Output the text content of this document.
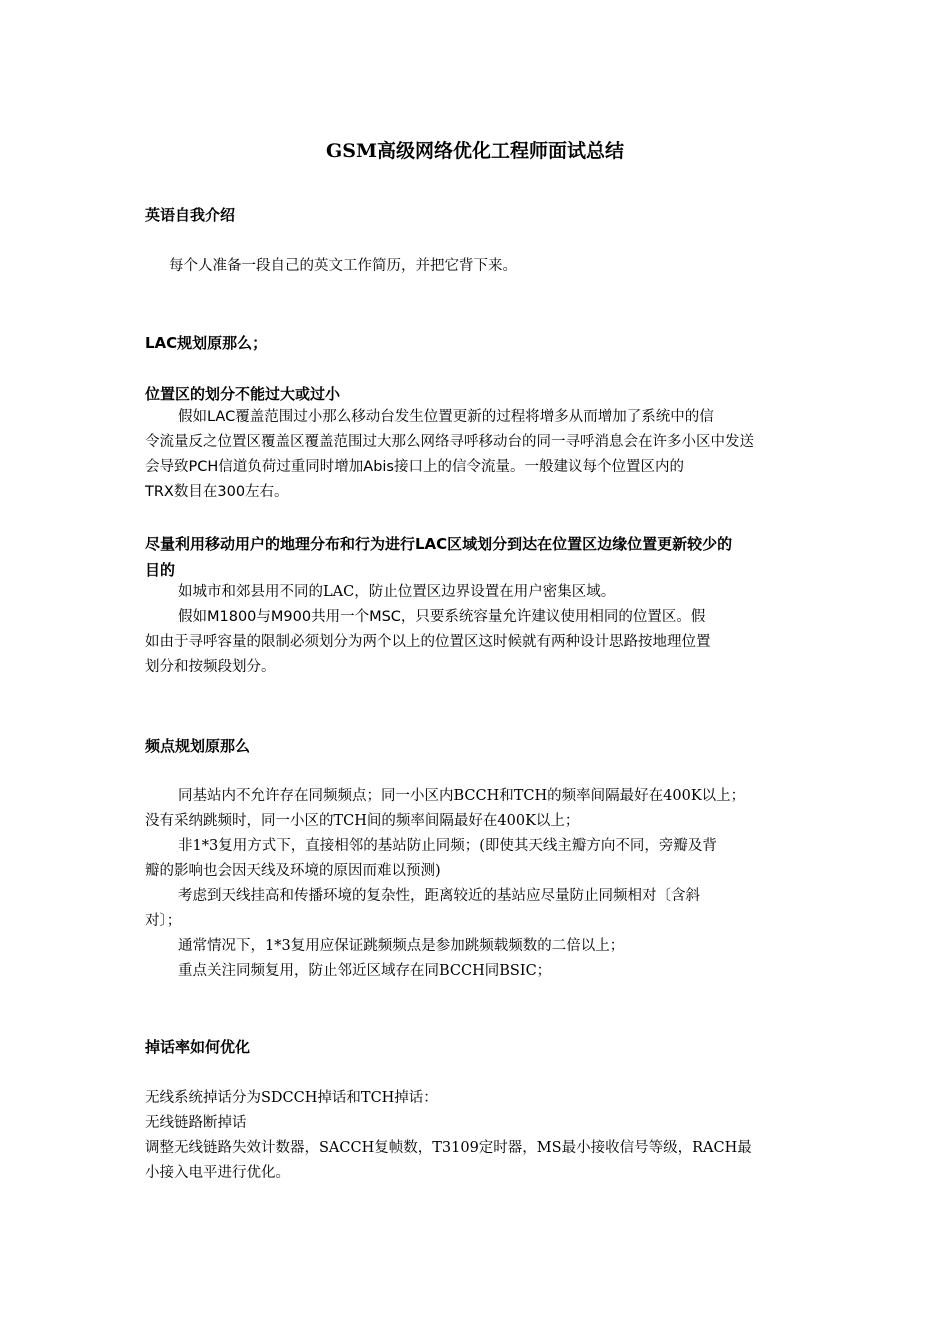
GSM高级网络优化工程师面试总结
英语自我介绍
每个人准备一段自己的英文工作简历，并把它背下来。
LAC规划原那么；
位置区的划分不能过大或过小
假如LAC覆盖范围过小那么移动台发生位置更新的过程将增多从而增加了系统中的信
令流量反之位置区覆盖区覆盖范围过大那么网络寻呼移动台的同一寻呼消息会在许多小区中发送
会导致PCH信道负荷过重同时增加Abis接口上的信令流量。一般建议每个位置区内的
TRX数目在300左右。
尽量利用移动用户的地理分布和行为进行LAC区域划分到达在位置区边缘位置更新较少的
目的
如城市和郊县用不同的LAC，防止位置区边界设置在用户密集区域。
假如M1800与M900共用一个MSC，只要系统容量允许建议使用相同的位置区。假
如由于寻呼容量的限制必须划分为两个以上的位置区这时候就有两种设计思路按地理位置
划分和按频段划分。
频点规划原那么
同基站内不允许存在同频频点；同一小区内BCCH和TCH的频率间隔最好在400K以上；
没有采纳跳频时，同一小区的TCH间的频率间隔最好在400K以上；
非1*3复用方式下，直接相邻的基站防止同频；(即使其天线主瓣方向不同，旁瓣及背
瓣的影响也会因天线及环境的原因而难以预测)
考虑到天线挂高和传播环境的复杂性，距离较近的基站应尽量防止同频相对〔含斜
对〕；
通常情况下，1*3复用应保证跳频频点是参加跳频载频数的二倍以上；
重点关注同频复用，防止邻近区域存在同BCCH同BSIC；
掉话率如何优化
无线系统掉话分为SDCCH掉话和TCH掉话：
无线链路断掉话
调整无线链路失效计数器，SACCH复帧数，T3109定时器，MS最小接收信号等级，RACH最
小接入电平进行优化。
